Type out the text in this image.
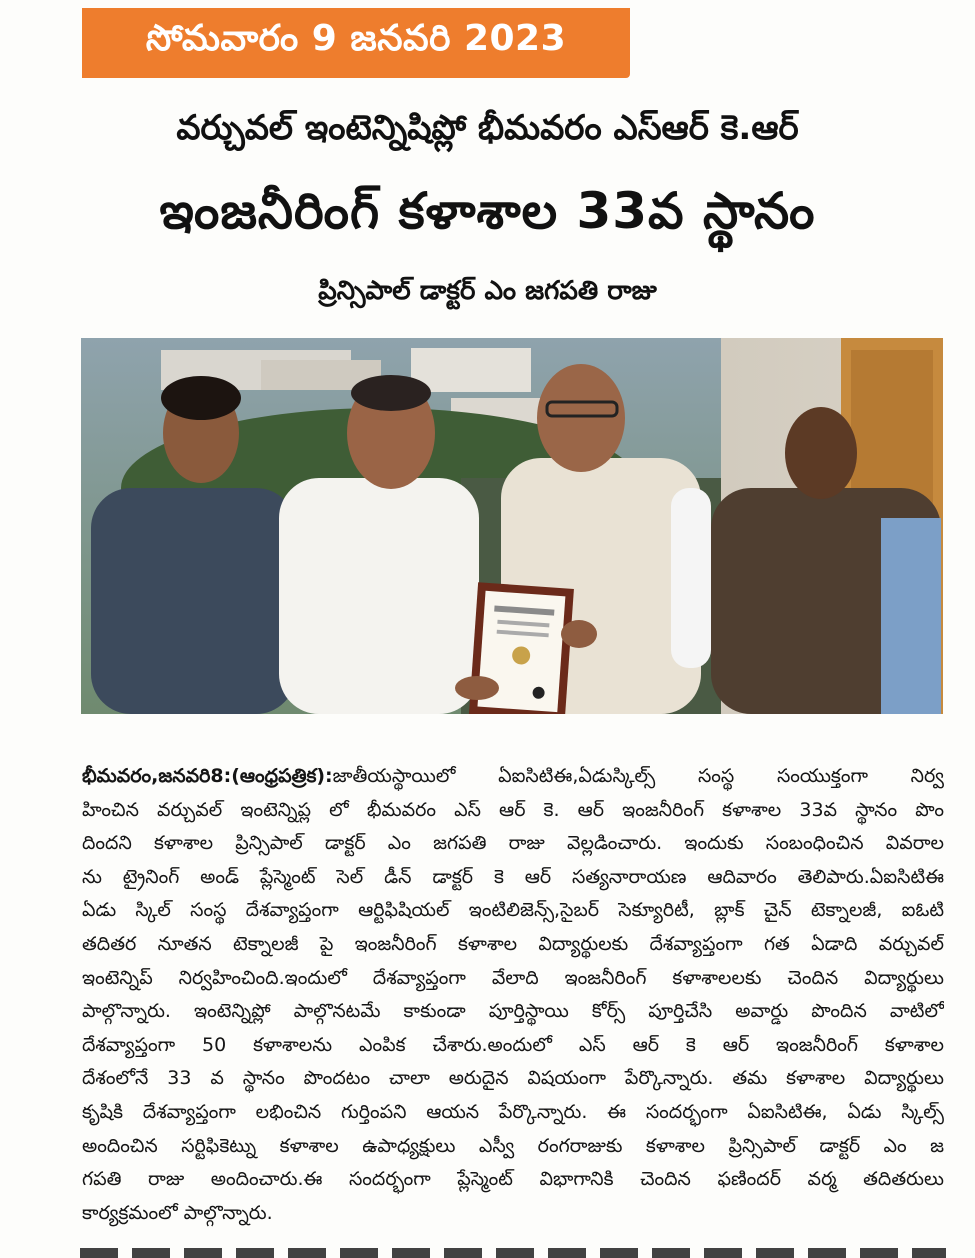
సోమవారం 9 జనవరి 2023
వర్చువల్ ఇంటెన్నిషిప్లో భీమవరం ఎస్ఆర్ కె.ఆర్
ఇంజనీరింగ్ కళాశాల 33వ స్థానం
ప్రిన్సిపాల్ డాక్టర్ ఎం జగపతి రాజు
భీమవరం,జనవరి8:(ఆంధ్రపత్రిక):జాతీయస్థాయిలో ఏఐసిటిఈ,ఏడుస్కిల్స్ సంస్థ సంయుక్తంగా నిర్వ
హించిన వర్చువల్ ఇంటెన్నిప్ల లో భీమవరం ఎస్ ఆర్ కె. ఆర్ ఇంజనీరింగ్ కళాశాల 33వ స్థానం పొం
దిందని కళాశాల ప్రిన్సిపాల్ డాక్టర్ ఎం జగపతి రాజు వెల్లడించారు. ఇందుకు సంబంధించిన వివరాల
ను ట్రైనింగ్ అండ్ ప్లేస్మెంట్ సెల్ డీన్ డాక్టర్ కె ఆర్ సత్యనారాయణ ఆదివారం తెలిపారు.ఏఐసిటిఈ
ఏడు స్కిల్ సంస్థ దేశవ్యాప్తంగా ఆర్టిఫిషియల్ ఇంటిలిజెన్స్,సైబర్ సెక్యూరిటీ, బ్లాక్ చైన్ టెక్నాలజీ, ఐఓటి
తదితర నూతన టెక్నాలజీ పై ఇంజనీరింగ్ కళాశాల విద్యార్థులకు దేశవ్యాప్తంగా గత ఏడాది వర్చువల్
ఇంటెన్నిప్ నిర్వహించింది.ఇందులో దేశవ్యాప్తంగా వేలాది ఇంజనీరింగ్ కళాశాలలకు చెందిన విద్యార్థులు
పాల్గొన్నారు. ఇంటెన్నిప్లో పాల్గొనటమే కాకుండా పూర్తిస్థాయి కోర్స్ పూర్తిచేసి అవార్డు పొందిన వాటిలో
దేశవ్యాప్తంగా 50 కళాశాలను ఎంపిక చేశారు.అందులో ఎస్ ఆర్ కె ఆర్ ఇంజనీరింగ్ కళాశాల
దేశంలోనే 33 వ స్థానం పొందటం చాలా అరుదైన విషయంగా పేర్కొన్నారు. తమ కళాశాల విద్యార్థులు
కృషికి దేశవ్యాప్తంగా లభించిన గుర్తింపని ఆయన పేర్కొన్నారు. ఈ సందర్భంగా ఏఐసిటిఈ, ఏడు స్కిల్స్
అందించిన సర్టిఫికెట్ను కళాశాల ఉపాధ్యక్షులు ఎస్వీ రంగరాజుకు కళాశాల ప్రిన్సిపాల్ డాక్టర్ ఎం జ
గపతి రాజు అందించారు.ఈ సందర్భంగా ప్లేస్మెంట్ విభాగానికి చెందిన ఫణిందర్ వర్మ తదితరులు
కార్యక్రమంలో పాల్గొన్నారు.
